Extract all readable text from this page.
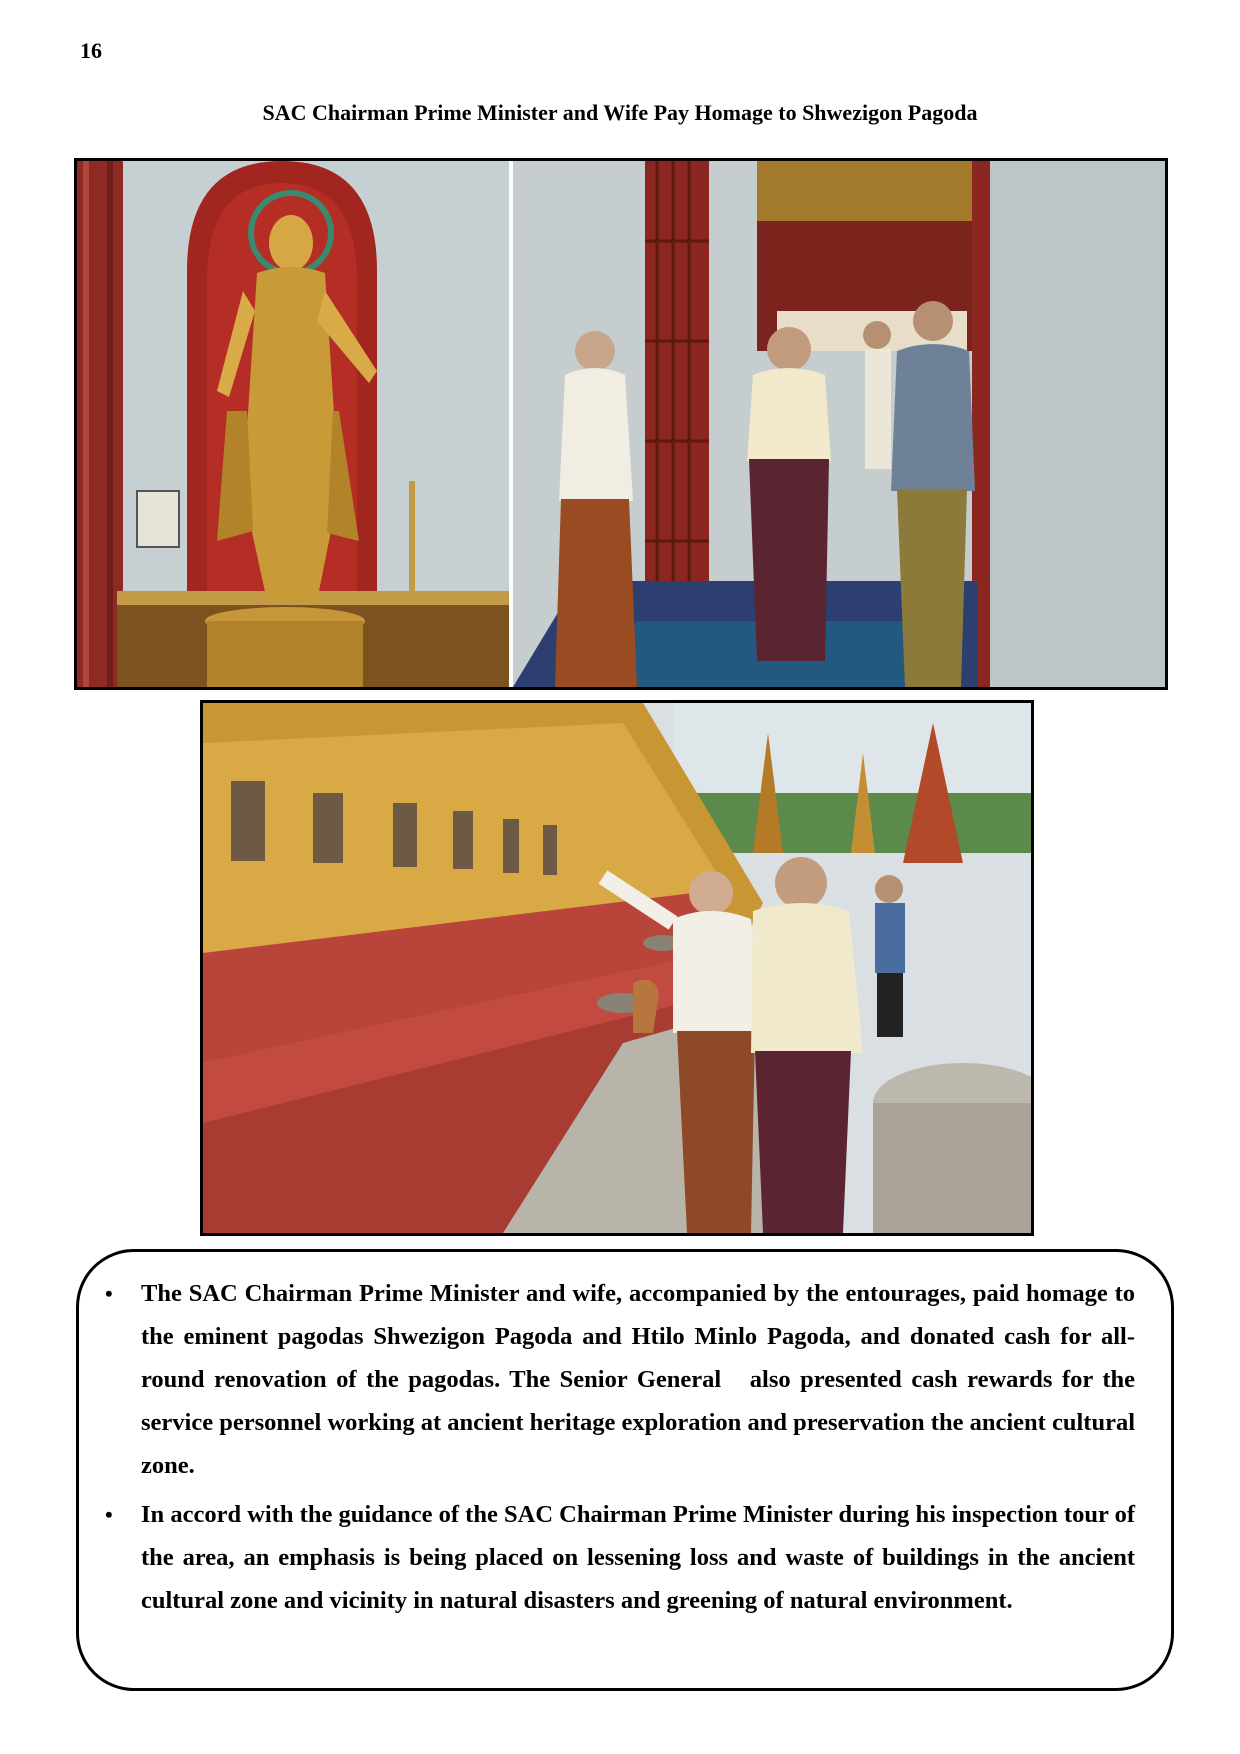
16
SAC Chairman Prime Minister and Wife Pay Homage to Shwezigon Pagoda
• The SAC Chairman Prime Minister and wife, accompanied by the entourages, paid homage to the eminent pagodas Shwezigon Pagoda and Htilo Minlo Pagoda, and donated cash for all-round renovation of the pagodas. The Senior General   also presented cash rewards for the service personnel working at ancient heritage exploration and preservation the ancient cultural zone.
• In accord with the guidance of the SAC Chairman Prime Minister during his inspection tour of the area, an emphasis is being placed on lessening loss and waste of buildings in the ancient cultural zone and vicinity in natural disasters and greening of natural environment.
